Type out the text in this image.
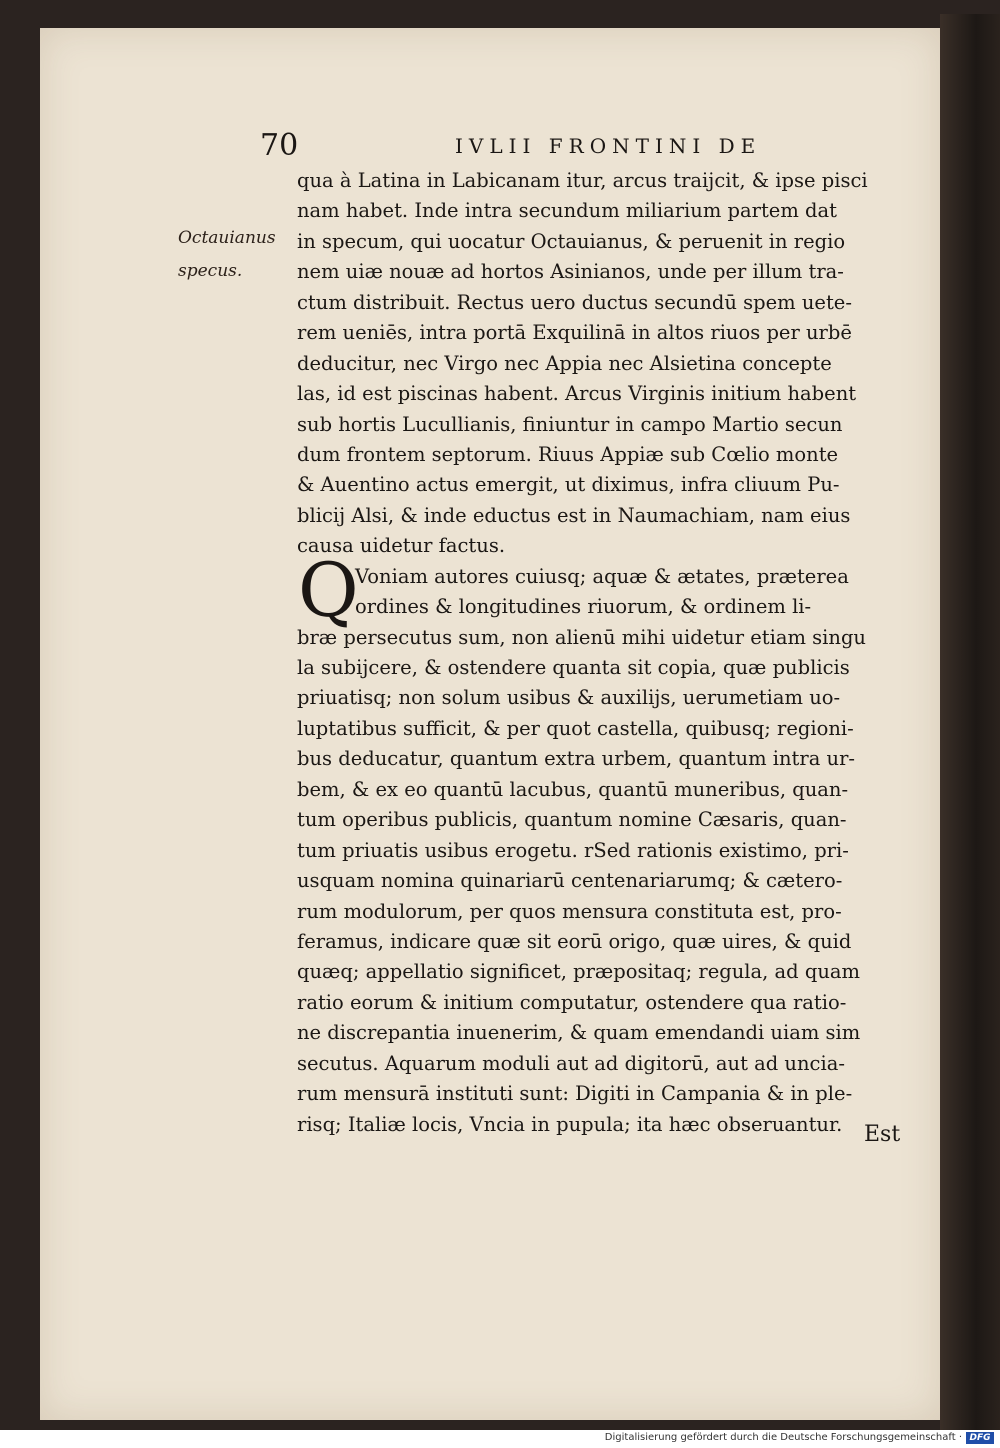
70	IVLII FRONTINI DE
Octauianus
specus.
qua à Latina in Labicanam itur, arcus traijcit, & ipse pisci
nam habet. Inde intra secundum miliarium partem dat
in specum, qui uocatur Octauianus, & peruenit in regio
nem uiæ nouæ ad hortos Asinianos, unde per illum tra-
ctum distribuit. Rectus uero ductus secundū spem uete-
rem ueniēs, intra portā Exquilinā in altos riuos per urbē
deducitur, nec Virgo nec Appia nec Alsietina concepte
las, id est piscinas habent. Arcus Virginis initium habent
sub hortis Lucullianis, finiuntur in campo Martio secun
dum frontem septorum. Riuus Appiæ sub Cœlio monte
& Auentino actus emergit, ut diximus, infra cliuum Pu-
blicij Alsi, & inde eductus est in Naumachiam, nam eius
causa uidetur factus.
Voniam autores cuiusq; aquæ & ætates, præterea
ordines & longitudines riuorum, & ordinem li-
bræ persecutus sum, non alienū mihi uidetur etiam singu
la subijcere, & ostendere quanta sit copia, quæ publicis
priuatisq; non solum usibus & auxilijs, uerumetiam uo-
luptatibus sufficit, & per quot castella, quibusq; regioni-
bus deducatur, quantum extra urbem, quantum intra ur-
bem, & ex eo quantū lacubus, quantū muneribus, quan-
tum operibus publicis, quantum nomine Cæsaris, quan-
tum priuatis usibus erogetu. rSed rationis existimo, pri-
usquam nomina quinariarū centenariarumq; & cætero-
rum modulorum, per quos mensura constituta est, pro-
feramus, indicare quæ sit eorū origo, quæ uires, & quid
quæq; appellatio significet, præpositaq; regula, ad quam
ratio eorum & initium computatur, ostendere qua ratio-
ne discrepantia inuenerim, & quam emendandi uiam sim
secutus. Aquarum moduli aut ad digitorū, aut ad uncia-
rum mensurā instituti sunt: Digiti in Campania & in ple-
risq; Italiæ locis, Vncia in pupula; ita hæc obseruantur.
Q
Est
Digitalisierung gefördert durch die Deutsche Forschungsgemeinschaft · DFG
